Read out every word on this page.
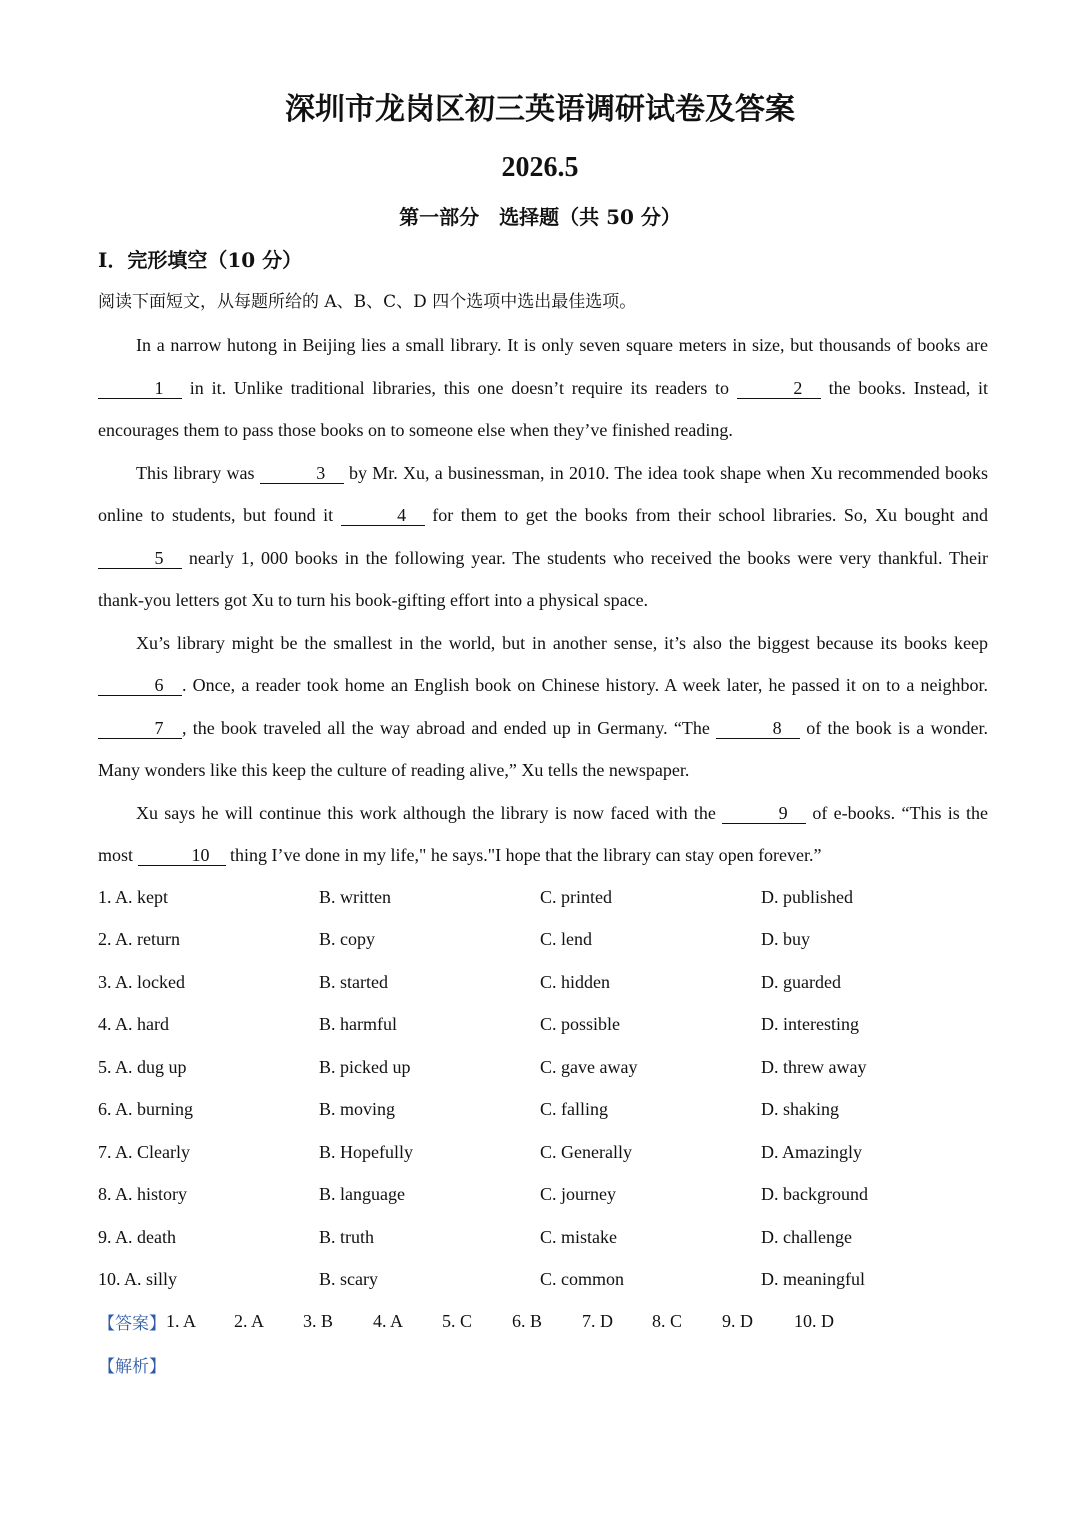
深圳市龙岗区初三英语调研试卷及答案
2026.5
第一部分　选择题（共 50 分）
I．完形填空（10 分）
阅读下面短文，从每题所给的 A、B、C、D 四个选项中选出最佳选项。

In a narrow hutong in Beijing lies a small library. It is only seven square meters in size, but thousands of books are 1 in it. Unlike traditional libraries, this one doesn’t require its readers to	2 the books. Instead, it encourages them to pass those books on to someone else when they’ve finished reading.

This library was	3 by Mr. Xu, a businessman, in 2010. The idea took shape when Xu recommended books online to students, but found it	4 for them to get the books from their school libraries. So, Xu bought and 5 nearly 1, 000 books in the following year. The students who received the books were very thankful. Their thank-you letters got Xu to turn his book-gifting effort into a physical space.

Xu’s library might be the smallest in the world, but in another sense, it’s also the biggest because its books keep 6 . Once, a reader took home an English book on Chinese history. A week later, he passed it on to a neighbor. 7 , the book traveled all the way abroad and ended up in Germany. “The	8 of the book is a wonder. Many wonders like this keep the culture of reading alive,” Xu tells the newspaper.

Xu says he will continue this work although the library is now faced with the	9 of e-books. “This is the most	10 thing I’ve done in my life," he says."I hope that the library can stay open forever.”

1. A. kept	B. written	C. printed	D. published
2. A. return	B. copy	C. lend	D. buy
3. A. locked	B. started	C. hidden	D. guarded
4. A. hard	B. harmful	C. possible	D. interesting
5. A. dug up	B. picked up	C. gave away	D. threw away
6. A. burning	B. moving	C. falling	D. shaking
7. A. Clearly	B. Hopefully	C. Generally	D. Amazingly
8. A. history	B. language	C. journey	D. background
9. A. death	B. truth	C. mistake	D. challenge
10. A. silly	B. scary	C. common	D. meaningful
【答案】 1. A	2. A	3. B	4. A	5. C	6. B	7. D	8. C	9. D	10. D
【解析】
